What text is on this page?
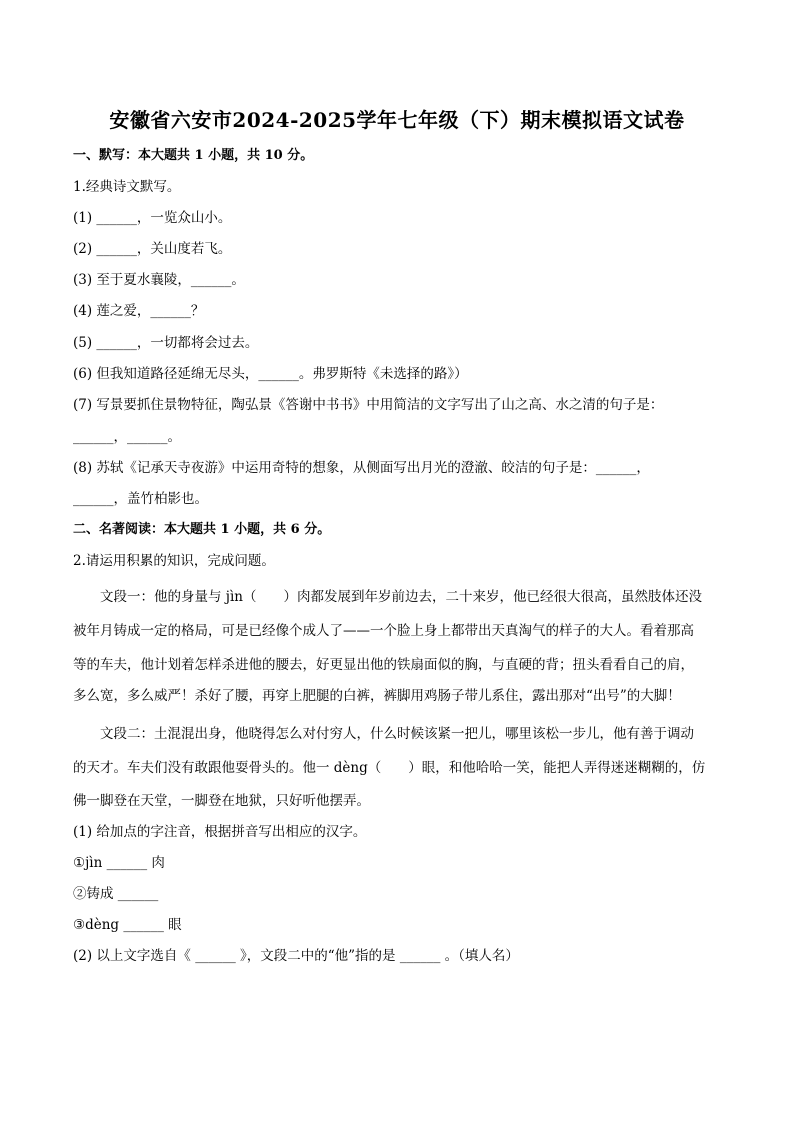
安徽省六安市2024-2025学年七年级（下）期末模拟语文试卷
一、默写：本大题共 1 小题，共 10 分。
1.经典诗文默写。
(1) ______，一览众山小。
(2) ______，关山度若飞。
(3) 至于夏水襄陵，______。
(4) 莲之爱，______？
(5) ______，一切都将会过去。
(6) 但我知道路径延绵无尽头，______。弗罗斯特《未选择的路》）
(7) 写景要抓住景物特征，陶弘景《答谢中书书》中用简洁的文字写出了山之高、水之清的句子是：
______，______。
(8) 苏轼《记承天寺夜游》中运用奇特的想象，从侧面写出月光的澄澈、皎洁的句子是：______，
______，盖竹柏影也。
二、名著阅读：本大题共 1 小题，共 6 分。
2.请运用积累的知识，完成问题。
文段一：他的身量与 jìn（　　）肉都发展到年岁前边去，二十来岁，他已经很大很高，虽然肢体还没
被年月铸成一定的格局，可是已经像个成人了——一个脸上身上都带出天真淘气的样子的大人。看着那高
等的车夫，他计划着怎样杀进他的腰去，好更显出他的铁扇面似的胸，与直硬的背；扭头看看自己的肩，
多么宽，多么威严！杀好了腰，再穿上肥腿的白裤，裤脚用鸡肠子带儿系住，露出那对“出号”的大脚！
文段二：土混混出身，他晓得怎么对付穷人，什么时候该紧一把儿，哪里该松一步儿，他有善于调动
的天才。车夫们没有敢跟他耍骨头的。他一 dèng（　　）眼，和他哈哈一笑，能把人弄得迷迷糊糊的，仿
佛一脚登在天堂，一脚登在地狱，只好听他摆弄。
(1) 给加点的字注音，根据拼音写出相应的汉字。
①jìn ______ 肉
②铸成 ______
③dèng ______ 眼
(2) 以上文字选自《 ______ 》，文段二中的“他”指的是 ______ 。（填人名）
